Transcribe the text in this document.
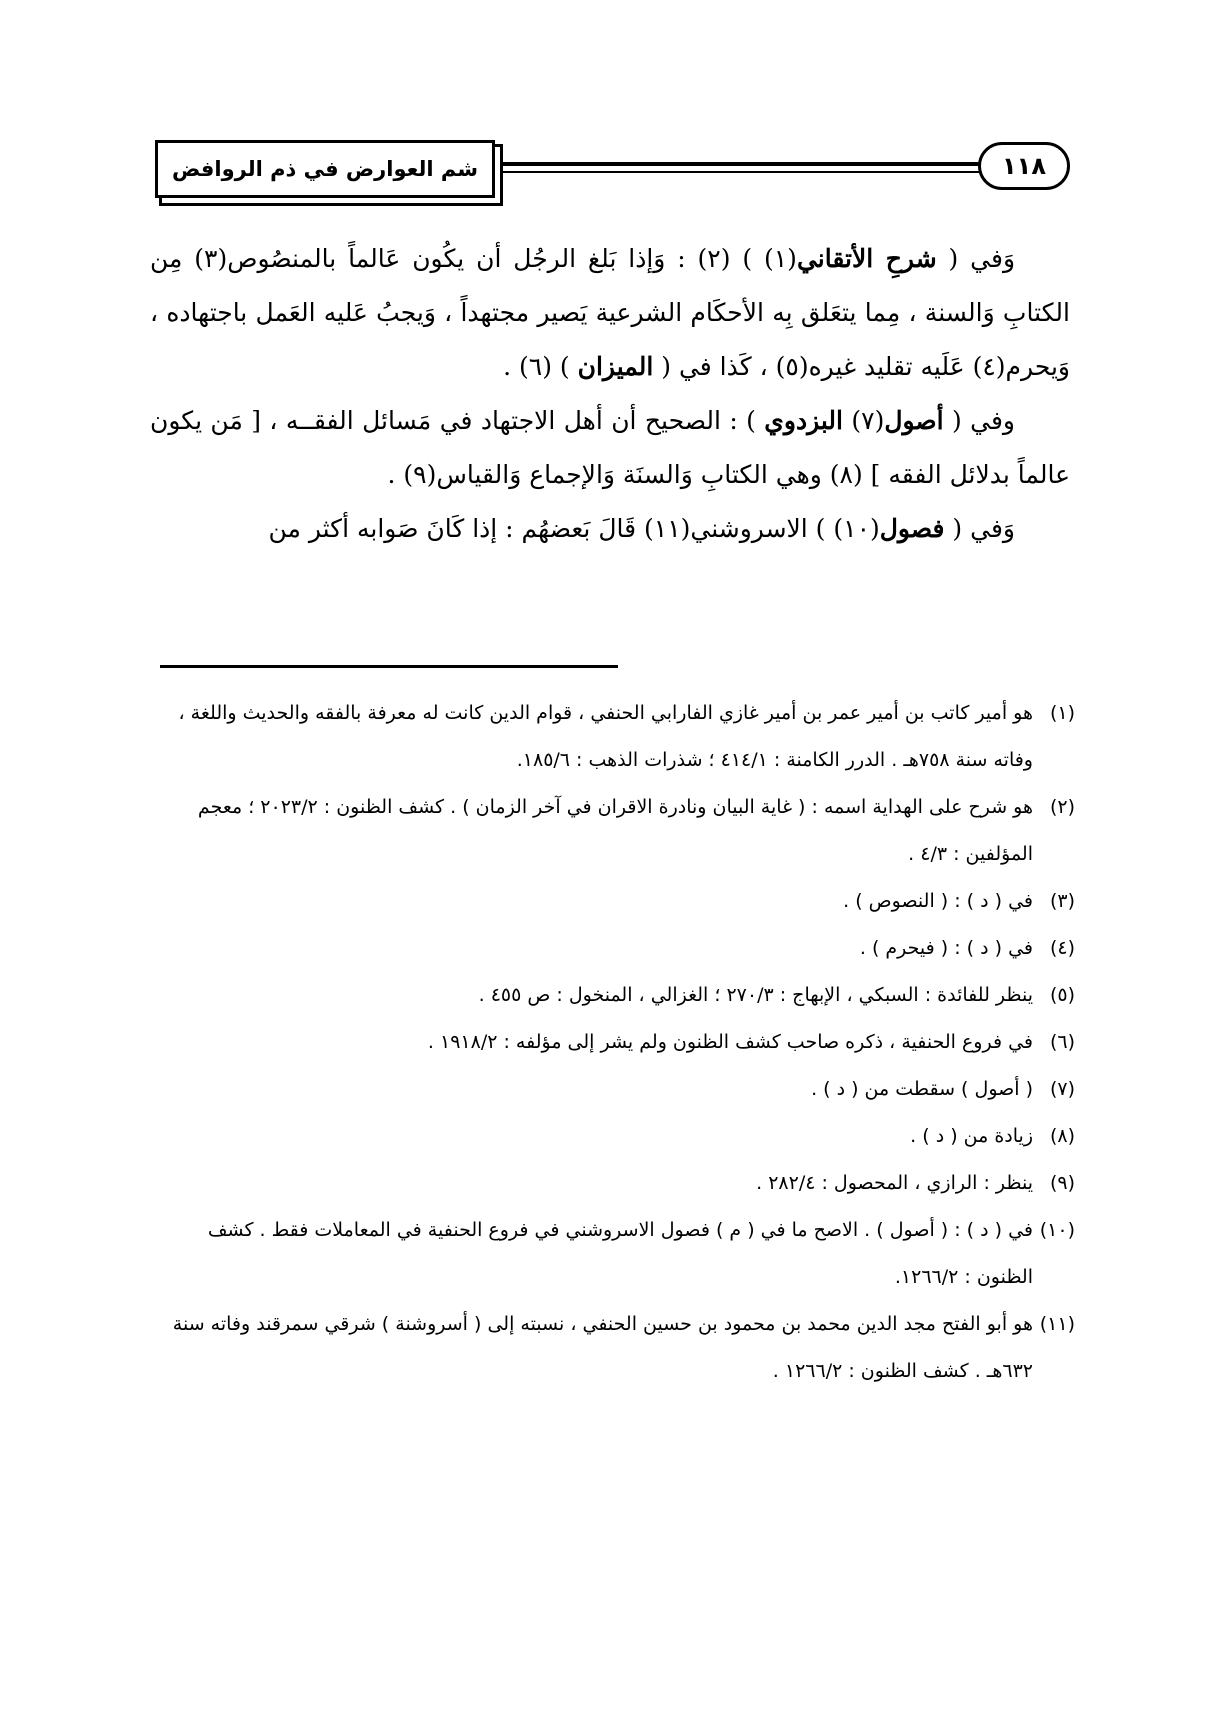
١١٨
شم العوارض في ذم الروافض

وَفي ( شرحِ الأتقاني(١) ) (٢) : وَإذا بَلغ الرجُل أن يكُون عَالماً بالمنصُوص(٣) مِن الكتابِ وَالسنة ، مِما يتعَلق بِه الأحكَام الشرعية يَصير مجتهداً ، وَيجبُ عَليه العَمل باجتهاده ، وَيحرم(٤) عَلَيه تقليد غيره(٥) ، كَذا في ( الميزان ) (٦) .

وفي ( أصول(٧) البزدوي ) : الصحيح أن أهل الاجتهاد في مَسائل الفقــه ، [ مَن يكون عالماً بدلائل الفقه ] (٨) وهي الكتابِ وَالسنَة وَالإجماع وَالقياس(٩) .

وَفي ( فصول(١٠) ) الاسروشني(١١) قَالَ بَعضهُم : إذا كَانَ صَوابه أكثر من

(١)هو أمير كاتب بن أمير عمر بن أمير غازي الفارابي الحنفي ، قوام الدين كانت له معرفة بالفقه والحديث واللغة ، وفاته سنة ٧٥٨هـ . الدرر الكامنة : ٤١٤/١ ؛ شذرات الذهب : ١٨٥/٦.
(٢)هو شرح على الهداية اسمه : ( غاية البيان ونادرة الاقران في آخر الزمان ) . كشف الظنون : ٢٠٢٣/٢ ؛ معجم المؤلفين : ٤/٣ .
(٣)في ( د ) : ( النصوص ) .
(٤)في ( د ) : ( فيحرم ) .
(٥)ينظر للفائدة : السبكي ، الإبهاج : ٢٧٠/٣ ؛ الغزالي ، المنخول : ص ٤٥٥ .
(٦)في فروع الحنفية ، ذكره صاحب كشف الظنون ولم يشر إلى مؤلفه : ١٩١٨/٢ .
(٧)( أصول ) سقطت من ( د ) .
(٨)زيادة من ( د ) .
(٩)ينظر : الرازي ، المحصول : ٢٨٢/٤ .
(١٠)في ( د ) : ( أصول ) . الاصح ما في ( م ) فصول الاسروشني في فروع الحنفية في المعاملات فقط . كشف الظنون : ١٢٦٦/٢.
(١١)هو أبو الفتح مجد الدين محمد بن محمود بن حسين الحنفي ، نسبته إلى ( أسروشنة ) شرقي سمرقند وفاته سنة ٦٣٢هـ . كشف الظنون : ١٢٦٦/٢ .
